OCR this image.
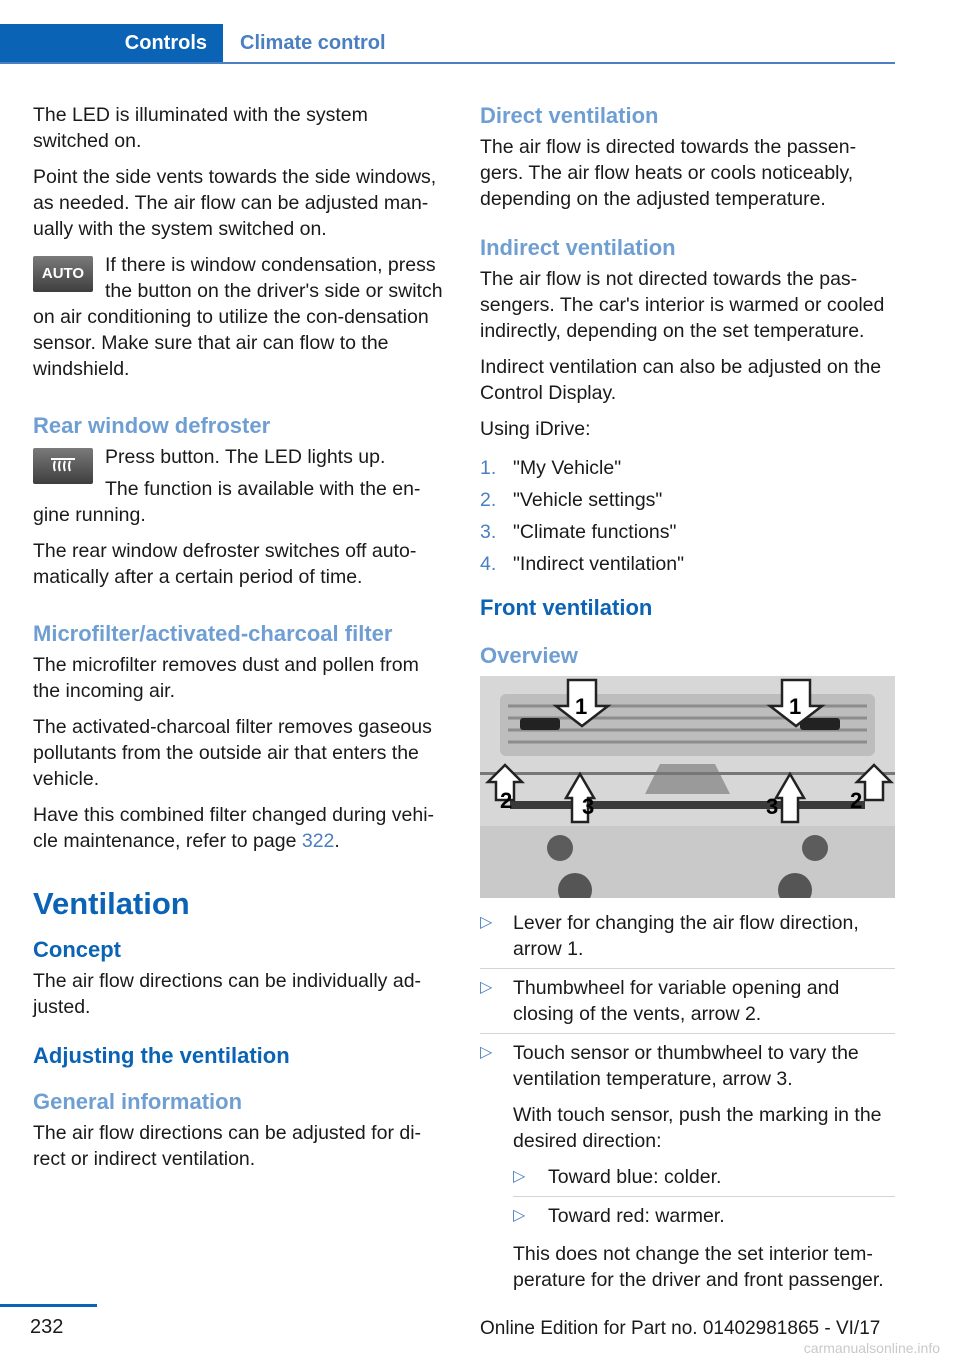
Controls	Climate control

The LED is illuminated with the system switched on.

Point the side vents towards the side windows, as needed. The air flow can be adjusted man-ually with the system switched on.

AUTO	If there is window condensation, press the button on the driver's side or switch on air conditioning to utilize the con-densation sensor. Make sure that air can flow to the windshield.

Rear window defroster

Press button. The LED lights up.

The function is available with the en-gine running.

The rear window defroster switches off auto-matically after a certain period of time.

Microfilter/activated-charcoal filter

The microfilter removes dust and pollen from the incoming air.

The activated-charcoal filter removes gaseous pollutants from the outside air that enters the vehicle.

Have this combined filter changed during vehi-cle maintenance, refer to page 322.

Ventilation
Concept

The air flow directions can be individually ad-justed.

Adjusting the ventilation
General information

The air flow directions can be adjusted for di-rect or indirect ventilation.

Direct ventilation

The air flow is directed towards the passen-gers. The air flow heats or cools noticeably, depending on the adjusted temperature.

Indirect ventilation

The air flow is not directed towards the pas-sengers. The car's interior is warmed or cooled indirectly, depending on the set temperature.

Indirect ventilation can also be adjusted on the Control Display.

Using iDrive:

1. "My Vehicle"
2. "Vehicle settings"
3. "Climate functions"
4. "Indirect ventilation"
Front ventilation
Overview
1	1
2	3	3	2
▷ Lever for changing the air flow direction, arrow 1.
▷ Thumbwheel for variable opening and closing of the vents, arrow 2.
▷ Touch sensor or thumbwheel to vary the ventilation temperature, arrow 3.

With touch sensor, push the marking in the desired direction:

▷ Toward blue: colder.
▷ Toward red: warmer.

This does not change the set interior tem-perature for the driver and front passenger.

232	Online Edition for Part no. 01402981865 - VI/17
carmanualsonline.info
